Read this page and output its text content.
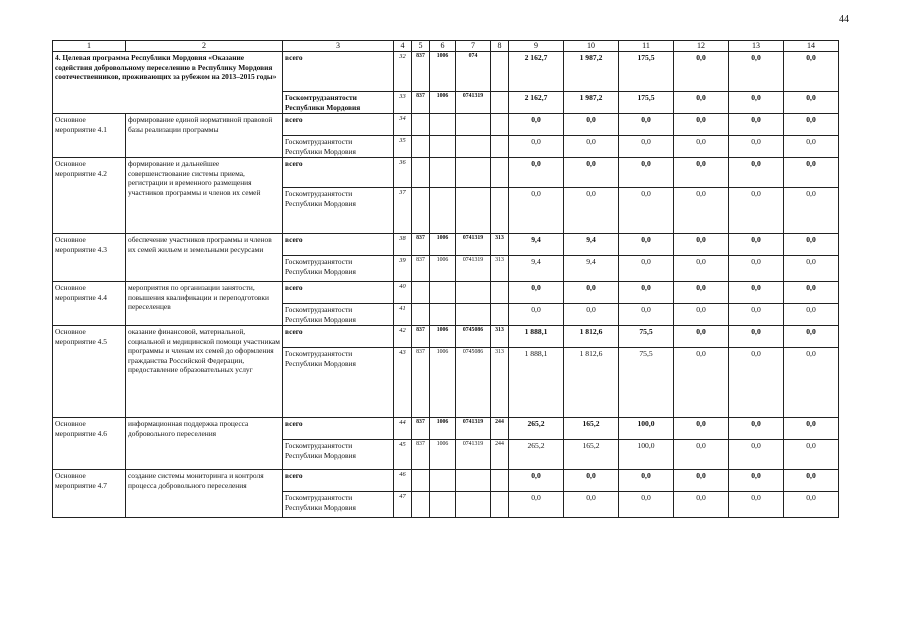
44
1	2	3	4	5	6	7	8	9	10	11	12	13	14
4. Целевая программа Республики Мордовия «Оказание содействия добровольному переселению в Республику Мордовия соотечественников, проживающих за рубежом на 2013–2015 годы»		всего	32	837	1006	074		2 162,7	1 987,2	175,5	0,0	0,0	0,0
		Госкомтрудзанятости Республики Мордовия	33	837	1006	0741319		2 162,7	1 987,2	175,5	0,0	0,0	0,0
Основное мероприятие 4.1	формирование единой нормативной правовой базы реализации программы	всего	34					0,0	0,0	0,0	0,0	0,0	0,0
		Госкомтрудзанятости Республики Мордовия	35					0,0	0,0	0,0	0,0	0,0	0,0
Основное мероприятие 4.2	формирование и дальнейшее совершенствование системы приема, регистрации и временного размещения участников программы и членов их семей	всего	36					0,0	0,0	0,0	0,0	0,0	0,0
		Госкомтрудзанятости Республики Мордовия	37					0,0	0,0	0,0	0,0	0,0	0,0
Основное мероприятие 4.3	обеспечение участников программы и членов их семей жильем и земельными ресурсами	всего	38	837	1006	0741319	313	9,4	9,4	0,0	0,0	0,0	0,0
		Госкомтрудзанятости Республики Мордовия	39	837	1006	0741319	313	9,4	9,4	0,0	0,0	0,0	0,0
Основное мероприятие 4.4	мероприятия по организации занятости, повышения квалификации и переподготовки переселенцев	всего	40					0,0	0,0	0,0	0,0	0,0	0,0
		Госкомтрудзанятости Республики Мордовия	41					0,0	0,0	0,0	0,0	0,0	0,0
Основное мероприятие 4.5	оказание финансовой, материальной, социальной и медицинской помощи участникам программы и членам их семей до оформления гражданства Российской Федерации, предоставление образовательных услуг	всего	42	837	1006	0745086	313	1 888,1	1 812,6	75,5	0,0	0,0	0,0
		Госкомтрудзанятости Республики Мордовия	43	837	1006	0745086	313	1 888,1	1 812,6	75,5	0,0	0,0	0,0
Основное мероприятие 4.6	информационная поддержка процесса добровольного переселения	всего	44	837	1006	0741319	244	265,2	165,2	100,0	0,0	0,0	0,0
		Госкомтрудзанятости Республики Мордовия	45	837	1006	0741319	244	265,2	165,2	100,0	0,0	0,0	0,0
Основное мероприятие 4.7	создание системы мониторинга и контроля процесса добровольного переселения	всего	46					0,0	0,0	0,0	0,0	0,0	0,0
		Госкомтрудзанятости Республики Мордовия	47					0,0	0,0	0,0	0,0	0,0	0,0
